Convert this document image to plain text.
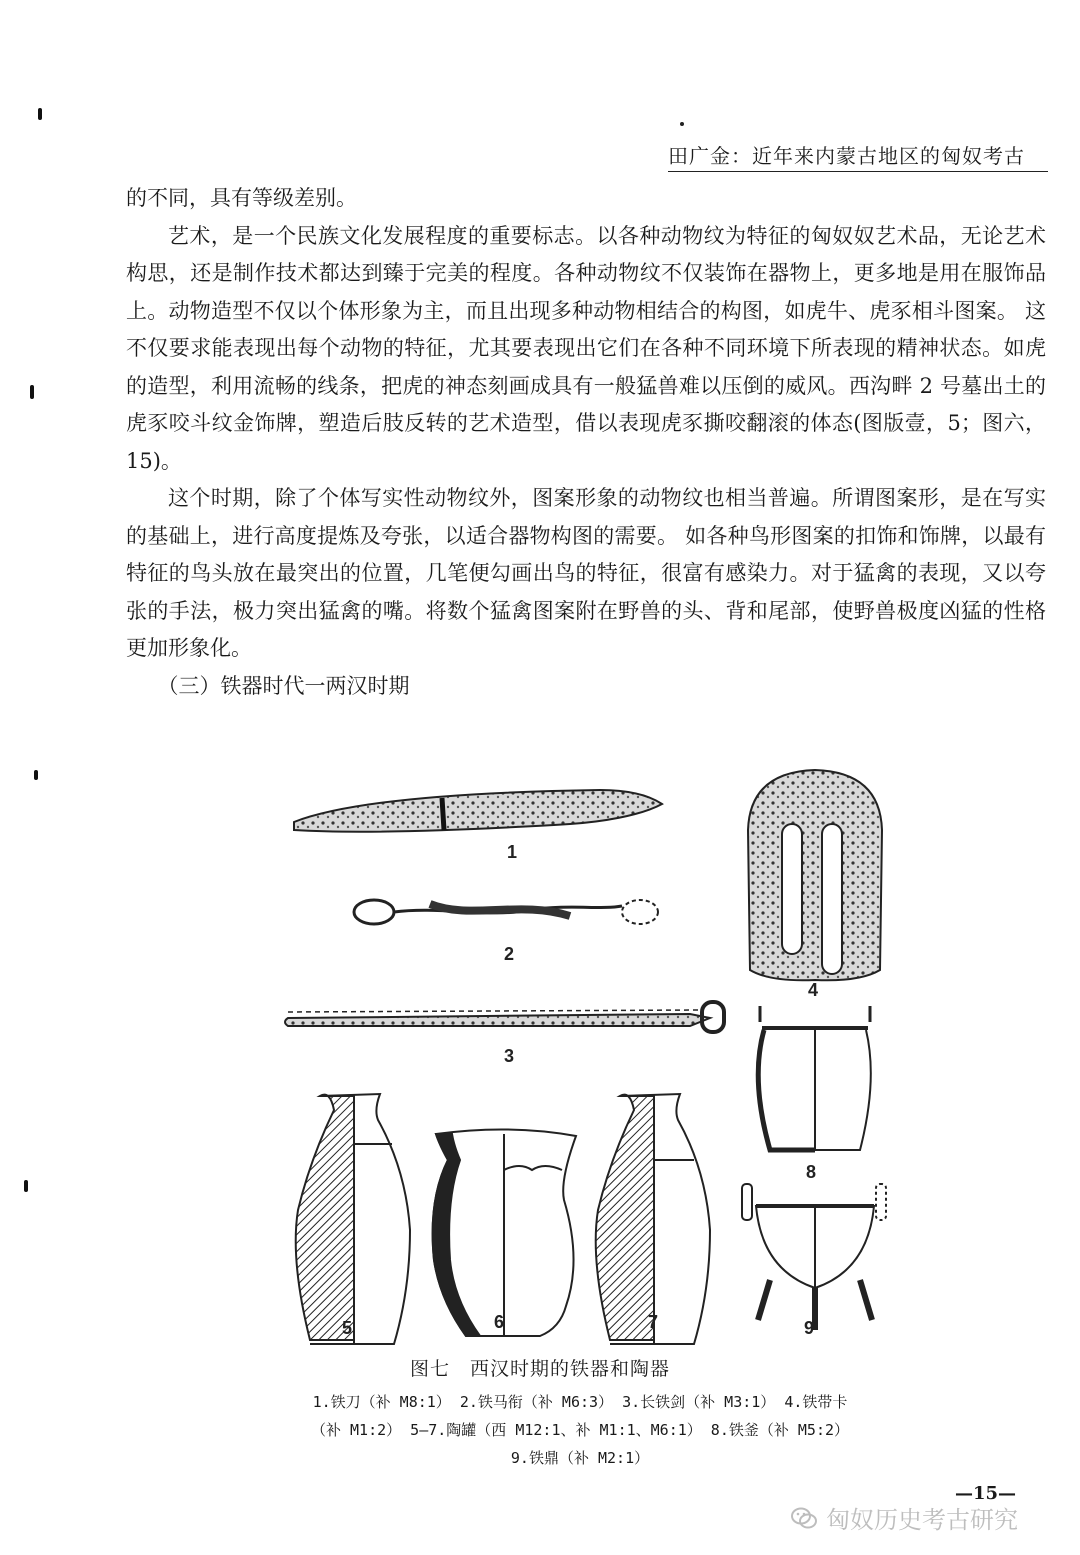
田广金：近年来内蒙古地区的匈奴考古

的不同，具有等级差别。

艺术，是一个民族文化发展程度的重要标志。以各种动物纹为特征的匈奴奴艺术品，无论艺术构思，还是制作技术都达到臻于完美的程度。各种动物纹不仅装饰在器物上，更多地是用在服饰品上。动物造型不仅以个体形象为主，而且出现多种动物相结合的构图，如虎牛、虎豕相斗图案。 这不仅要求能表现出每个动物的特征，尤其要表现出它们在各种不同环境下所表现的精神状态。如虎的造型，利用流畅的线条，把虎的神态刻画成具有一般猛兽难以压倒的威风。西沟畔 2 号墓出土的虎豕咬斗纹金饰牌，塑造后肢反转的艺术造型，借以表现虎豕撕咬翻滚的体态(图版壹，5；图六，15)。

这个时期，除了个体写实性动物纹外，图案形象的动物纹也相当普遍。所谓图案形，是在写实的基础上，进行高度提炼及夸张，以适合器物构图的需要。 如各种鸟形图案的扣饰和饰牌，以最有特征的鸟头放在最突出的位置，几笔便勾画出鸟的特征，很富有感染力。对于猛禽的表现，又以夸张的手法，极力突出猛禽的嘴。将数个猛禽图案附在野兽的头、背和尾部，使野兽极度凶猛的性格更加形象化。

（三）铁器时代一两汉时期

1
2
3
4
5	6	7
8
9
图七　西汉时期的铁器和陶器
1.铁刀（补 M8:1） 2.铁马衔（补 M6:3） 3.长铁剑（补 M3:1） 4.铁带卡
（补 M1:2） 5—7.陶罐（西 M12:1、补 M1:1、M6:1） 8.铁釜（补 M5:2）
9.铁鼎（补 M2:1）
—15—
匈奴历史考古研究
